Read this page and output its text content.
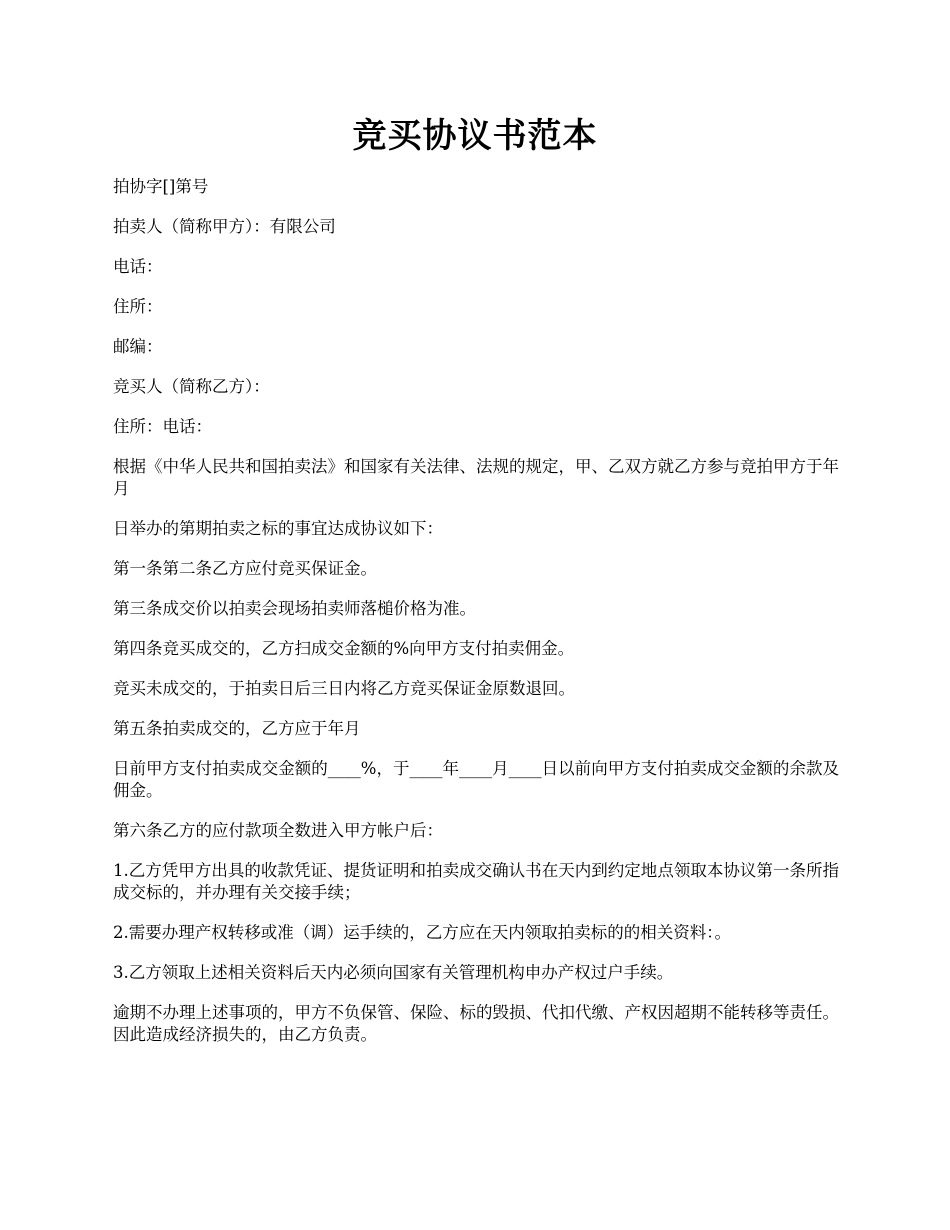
竞买协议书范本

拍协字[]第号

拍卖人（简称甲方）：有限公司

电话：

住所：

邮编：

竞买人（简称乙方）：

住所：电话：

根据《中华人民共和国拍卖法》和国家有关法律、法规的规定，甲、乙双方就乙方参与竞拍甲方于年月

日举办的第期拍卖之标的事宜达成协议如下：

第一条第二条乙方应付竞买保证金。

第三条成交价以拍卖会现场拍卖师落槌价格为准。

第四条竞买成交的，乙方扫成交金额的%向甲方支付拍卖佣金。

竞买未成交的，于拍卖日后三日内将乙方竞买保证金原数退回。

第五条拍卖成交的，乙方应于年月

日前甲方支付拍卖成交金额的____%，于____年____月____日以前向甲方支付拍卖成交金额的余款及佣金。

第六条乙方的应付款项全数进入甲方帐户后：

1.乙方凭甲方出具的收款凭证、提货证明和拍卖成交确认书在天内到约定地点领取本协议第一条所指成交标的，并办理有关交接手续；

2.需要办理产权转移或准（调）运手续的，乙方应在天内领取拍卖标的的相关资料：。

3.乙方领取上述相关资料后天内必须向国家有关管理机构申办产权过户手续。

逾期不办理上述事项的，甲方不负保管、保险、标的毁损、代扣代缴、产权因超期不能转移等责任。因此造成经济损失的，由乙方负责。
